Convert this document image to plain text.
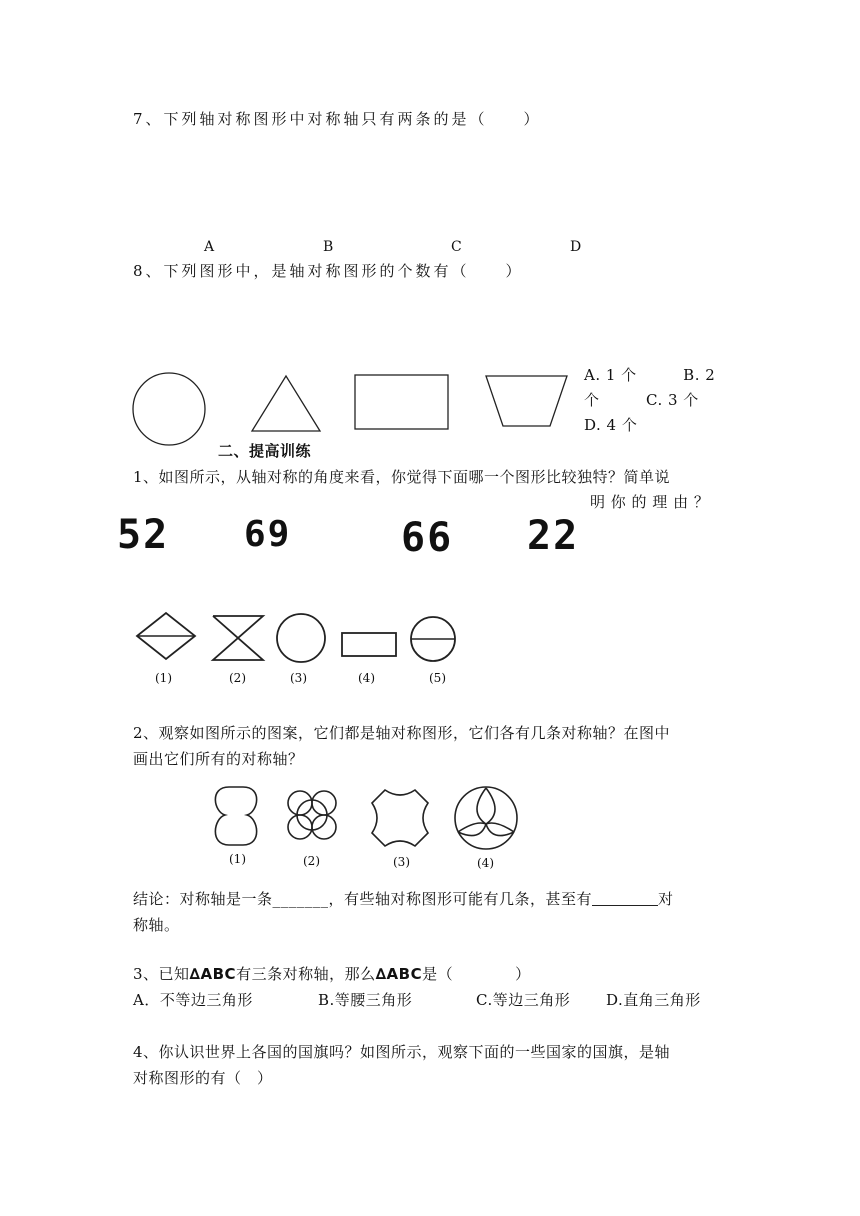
7、下列轴对称图形中对称轴只有两条的是（　　）
A	B	C	D
8、下列图形中，是轴对称图形的个数有（　　）
A. 1 个　　　B. 2
个　　　C. 3 个
D. 4 个
二、提高训练
1、如图所示，从轴对称的角度来看，你觉得下面哪一个图形比较独特？简单说
明 你 的 理 由 ？
52 69	66 22
(1)	(2)	(3)	(4)	(5)
2、观察如图所示的图案，它们都是轴对称图形，它们各有几条对称轴？在图中
画出它们所有的对称轴？
(1)	(2)	(3)	(4)
结论：对称轴是一条_______，有些轴对称图形可能有几条，甚至有	对
称轴。
3、已知∆ABC有三条对称轴，那么∆ABC是（　　　　）
A．不等边三角形	B.等腰三角形	C.等边三角形 D.直角三角形
4、你认识世界上各国的国旗吗？如图所示，观察下面的一些国家的国旗，是轴
对称图形的有（　）
